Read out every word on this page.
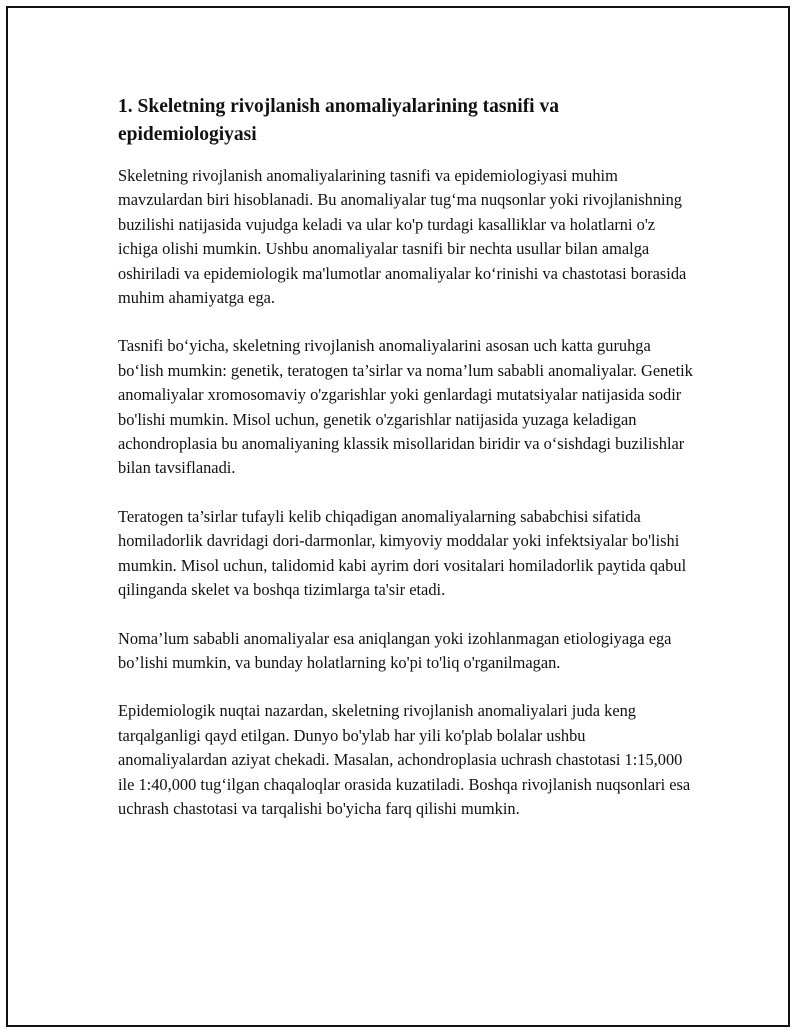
1. Skeletning rivojlanish anomaliyalarining tasnifi va epidemiologiyasi

Skeletning rivojlanish anomaliyalarining tasnifi va epidemiologiyasi muhim mavzulardan biri hisoblanadi. Bu anomaliyalar tug‘ma nuqsonlar yoki rivojlanishning buzilishi natijasida vujudga keladi va ular ko'p turdagi kasalliklar va holatlarni o'z ichiga olishi mumkin. Ushbu anomaliyalar tasnifi bir nechta usullar bilan amalga oshiriladi va epidemiologik ma'lumotlar anomaliyalar ko‘rinishi va chastotasi borasida muhim ahamiyatga ega.

Tasnifi bo‘yicha, skeletning rivojlanish anomaliyalarini asosan uch katta guruhga bo‘lish mumkin: genetik, teratogen ta’sirlar va noma’lum sababli anomaliyalar. Genetik anomaliyalar xromosomaviy o'zgarishlar yoki genlardagi mutatsiyalar natijasida sodir bo'lishi mumkin. Misol uchun, genetik o'zgarishlar natijasida yuzaga keladigan achondroplasia bu anomaliyaning klassik misollaridan biridir va o‘sishdagi buzilishlar bilan tavsiflanadi.

Teratogen ta’sirlar tufayli kelib chiqadigan anomaliyalarning sababchisi sifatida homiladorlik davridagi dori-darmonlar, kimyoviy moddalar yoki infektsiyalar bo'lishi mumkin. Misol uchun, talidomid kabi ayrim dori vositalari homiladorlik paytida qabul qilinganda skelet va boshqa tizimlarga ta'sir etadi.

Noma’lum sababli anomaliyalar esa aniqlangan yoki izohlanmagan etiologiyaga ega bo’lishi mumkin, va bunday holatlarning ko'pi to'liq o'rganilmagan.

Epidemiologik nuqtai nazardan, skeletning rivojlanish anomaliyalari juda keng tarqalganligi qayd etilgan. Dunyo bo'ylab har yili ko'plab bolalar ushbu anomaliyalardan aziyat chekadi. Masalan, achondroplasia uchrash chastotasi 1:15,000 ile 1:40,000 tug‘ilgan chaqaloqlar orasida kuzatiladi. Boshqa rivojlanish nuqsonlari esa uchrash chastotasi va tarqalishi bo'yicha farq qilishi mumkin.
